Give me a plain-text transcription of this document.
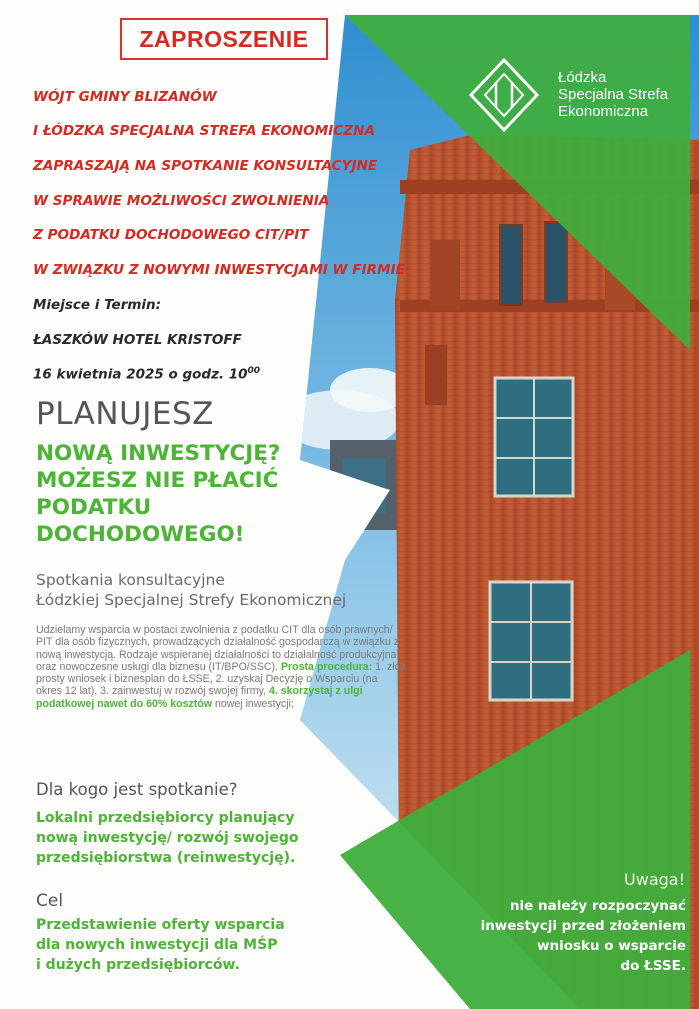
ZAPROSZENIE
WÓJT GMINY BLIZANÓW
I ŁÓDZKA SPECJALNA STREFA EKONOMICZNA
ZAPRASZAJĄ NA SPOTKANIE KONSULTACYJNE
W SPRAWIE MOŻLIWOŚCI ZWOLNIENIA
Z PODATKU DOCHODOWEGO CIT/PIT
W ZWIĄZKU Z NOWYMI INWESTYCJAMI W FIRMIE
Miejsce i Termin:
ŁASZKÓW HOTEL KRISTOFF
16 kwietnia 2025 o godz. $10^{00}$
Łódzka
Specjalna Strefa
Ekonomiczna
PLANUJESZ
NOWĄ INWESTYCJĘ?
MOŻESZ NIE PŁACIĆ
PODATKU
DOCHODOWEGO!
Spotkania konsultacyjne
Łódzkiej Specjalnej Strefy Ekonomicznej
Udzielamy wsparcia w postaci zwolnienia z podatku CIT dla osób prawnych/ PIT dla osób fizycznych, prowadzących działalność gospodarczą w związku z nową inwestycją. Rodzaje wspieranej działalności to działalność produkcyjna oraz nowoczesne usługi dla biznesu (IT/BPO/SSC). Prosta procedura: 1. złóż prosty wniosek i biznesplan do ŁSSE, 2. uzyskaj Decyzję o Wsparciu (na okres 12 lat), 3. zainwestuj w rozwój swojej firmy, 4. skorzystaj z ulgi podatkowej nawet do 60% kosztów nowej inwestycji;
Dla kogo jest spotkanie?
Lokalni przedsiębiorcy planujący
nową inwestycję/ rozwój swojego
przedsiębiorstwa (reinwestycję).
Cel
Przedstawienie oferty wsparcia
dla nowych inwestycji dla MŚP
i dużych przedsiębiorców.
Uwaga!
nie należy rozpoczynać
inwestycji przed złożeniem
wniosku o wsparcie
do ŁSSE.
